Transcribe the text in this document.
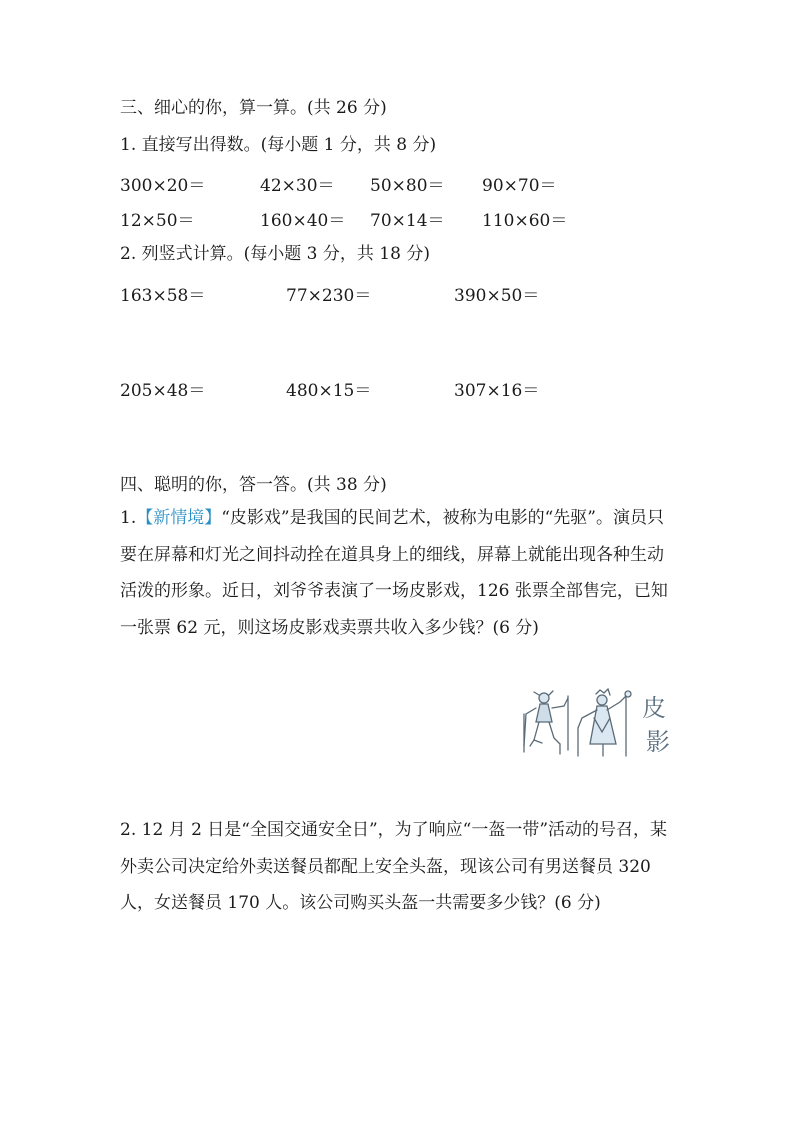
三、细心的你，算一算。(共 26 分)
1. 直接写出得数。(每小题 1 分，共 8 分)
300×20＝	42×30＝ 50×80＝ 90×70＝
12×50＝	160×40＝ 70×14＝ 110×60＝
2. 列竖式计算。(每小题 3 分，共 18 分)
163×58＝	77×230＝	390×50＝
205×48＝	480×15＝	307×16＝
四、聪明的你，答一答。(共 38 分)
1.【新情境】“皮影戏”是我国的民间艺术，被称为电影的“先驱”。演员只要在屏幕和灯光之间抖动拴在道具身上的细线，屏幕上就能出现各种生动活泼的形象。近日，刘爷爷表演了一场皮影戏，126 张票全部售完，已知一张票 62 元，则这场皮影戏卖票共收入多少钱？(6 分)
皮
影
2. 12 月 2 日是“全国交通安全日”，为了响应“一盔一带”活动的号召，某外卖公司决定给外卖送餐员都配上安全头盔，现该公司有男送餐员 320 人，女送餐员 170 人。该公司购买头盔一共需要多少钱？(6 分)
